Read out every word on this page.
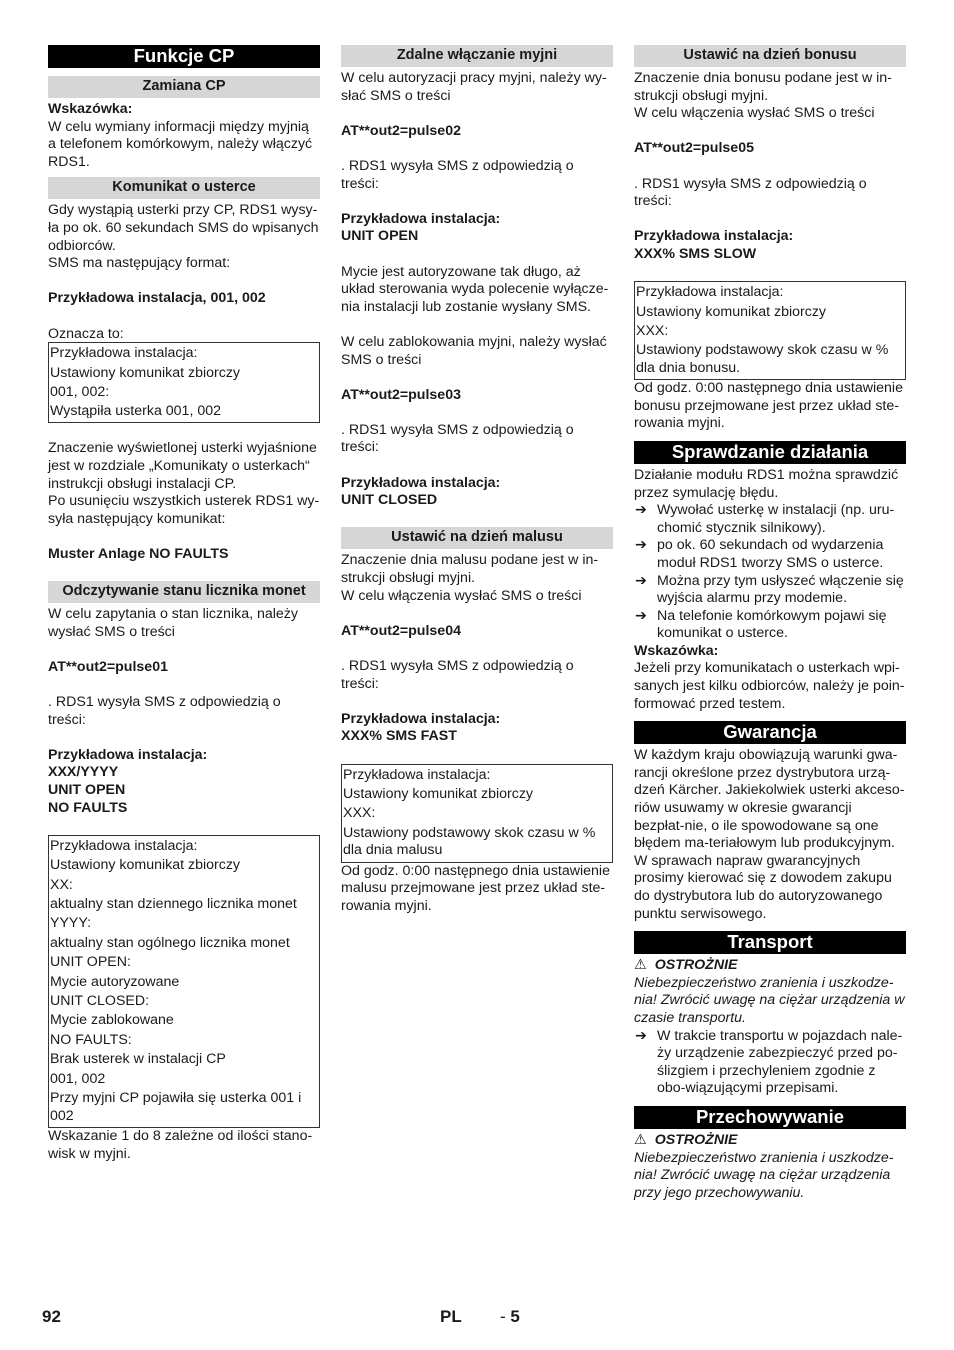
Funkcje CP
Zamiana CP

Wskazówka:

W celu wymiany informacji między myjnią a telefonem komórkowym, należy włączyć RDS1.

Komunikat o usterce

Gdy wystąpią usterki przy CP, RDS1 wysy-ła po ok. 60 sekundach SMS do wpisanych odbiorców.

SMS ma następujący format:

Przykładowa instalacja, 001, 002

Oznacza to:

Przykładowa instalacja:
Ustawiony komunikat zbiorczy
001, 002:
Wystąpiła usterka 001, 002

Znaczenie wyświetlonej usterki wyjaśnione jest w rozdziale „Komunikaty o usterkach“ instrukcji obsługi instalacji CP.

Po usunięciu wszystkich usterek RDS1 wy-syła następujący komunikat:

Muster Anlage NO FAULTS

Odczytywanie stanu licznika monet

W celu zapytania o stan licznika, należy wysłać SMS o treści

AT**out2=pulse01

. RDS1 wysyła SMS z odpowiedzią o treści:

Przykładowa instalacja:

XXX/YYYY

UNIT OPEN

NO FAULTS

Przykładowa instalacja:
Ustawiony komunikat zbiorczy
XX:
aktualny stan dziennego licznika monet
YYYY:
aktualny stan ogólnego licznika monet
UNIT OPEN:
Mycie autoryzowane
UNIT CLOSED:
Mycie zablokowane
NO FAULTS:
Brak usterek w instalacji CP
001, 002
Przy myjni CP pojawiła się usterka 001 i 002

Wskazanie 1 do 8 zależne od ilości stano-wisk w myjni.

Zdalne włączanie myjni

W celu autoryzacji pracy myjni, należy wy-słać SMS o treści

AT**out2=pulse02

. RDS1 wysyła SMS z odpowiedzią o treści:

Przykładowa instalacja:

UNIT OPEN

Mycie jest autoryzowane tak długo, aż układ sterowania wyda polecenie wyłącze-nia instalacji lub zostanie wysłany SMS.

W celu zablokowania myjni, należy wysłać SMS o treści

AT**out2=pulse03

. RDS1 wysyła SMS z odpowiedzią o treści:

Przykładowa instalacja:

UNIT CLOSED

Ustawić na dzień malusu

Znaczenie dnia malusu podane jest w in-strukcji obsługi myjni.

W celu włączenia wysłać SMS o treści

AT**out2=pulse04

. RDS1 wysyła SMS z odpowiedzią o treści:

Przykładowa instalacja:

XXX% SMS FAST

Przykładowa instalacja:
Ustawiony komunikat zbiorczy
XXX:
Ustawiony podstawowy skok czasu w % dla dnia malusu

Od godz. 0:00 następnego dnia ustawienie malusu przejmowane jest przez układ ste-rowania myjni.

Ustawić na dzień bonusu

Znaczenie dnia bonusu podane jest w in-strukcji obsługi myjni.

W celu włączenia wysłać SMS o treści

AT**out2=pulse05

. RDS1 wysyła SMS z odpowiedzią o treści:

Przykładowa instalacja:

XXX% SMS SLOW

Przykładowa instalacja:
Ustawiony komunikat zbiorczy
XXX:
Ustawiony podstawowy skok czasu w % dla dnia bonusu.

Od godz. 0:00 następnego dnia ustawienie bonusu przejmowane jest przez układ ste-rowania myjni.

Sprawdzanie działania

Działanie modułu RDS1 można sprawdzić przez symulację błędu.

➔ Wywołać usterkę w instalacji (np. uru-chomić stycznik silnikowy).
➔ po ok. 60 sekundach od wydarzenia moduł RDS1 tworzy SMS o usterce.
➔ Można przy tym usłyszeć włączenie się wyjścia alarmu przy modemie.
➔ Na telefonie komórkowym pojawi się komunikat o usterce.

Wskazówka:

Jeżeli przy komunikatach o usterkach wpi-sanych jest kilku odbiorców, należy je poin-formować przed testem.

Gwarancja

W każdym kraju obowiązują warunki gwa-rancji określone przez dystrybutora urzą-dzeń Kärcher. Jakiekolwiek usterki akceso-riów usuwamy w okresie gwarancji bezpłat-nie, o ile spowodowane są one błędem ma-teriałowym lub produkcyjnym. W sprawach napraw gwarancyjnych prosimy kierować się z dowodem zakupu do dystrybutora lub do autoryzowanego punktu serwisowego.

Transport

⚠ OSTROŻNIE

Niebezpieczeństwo zranienia i uszkodze-nia! Zwrócić uwagę na ciężar urządzenia w czasie transportu.

➔ W trakcie transportu w pojazdach nale-ży urządzenie zabezpieczyć przed po-ślizgiem i przechyleniem zgodnie z obo-wiązującymi przepisami.
Przechowywanie

⚠ OSTROŻNIE

Niebezpieczeństwo zranienia i uszkodze-nia! Zwrócić uwagę na ciężar urządzenia przy jego przechowywaniu.

92	PL - 5
